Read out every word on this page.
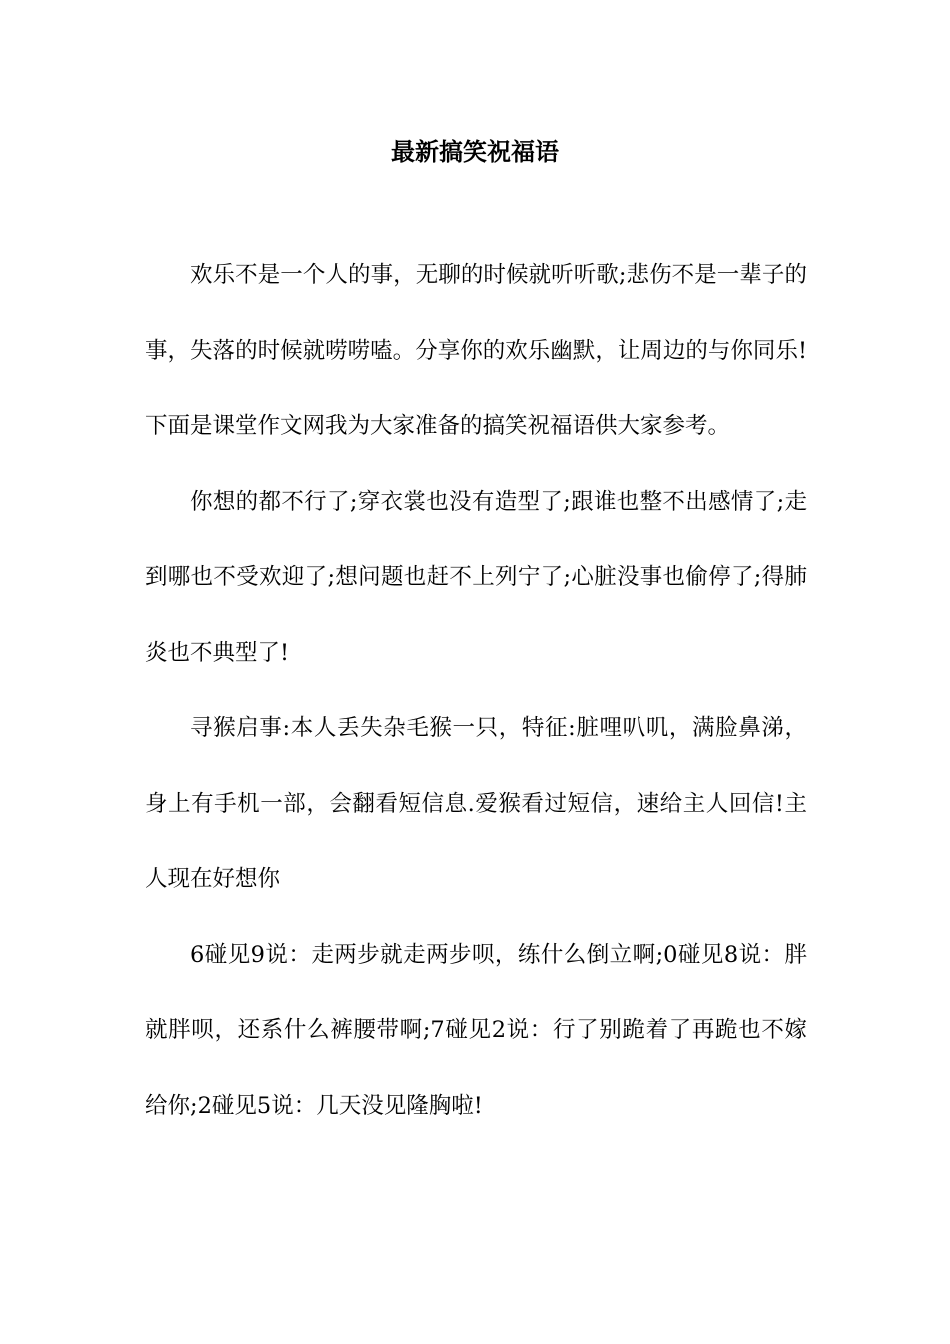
最新搞笑祝福语

欢乐不是一个人的事，无聊的时候就听听歌;悲伤不是一辈子的事，失落的时候就唠唠嗑。分享你的欢乐幽默，让周边的与你同乐!下面是课堂作文网我为大家准备的搞笑祝福语供大家参考。

你想的都不行了;穿衣裳也没有造型了;跟谁也整不出感情了;走到哪也不受欢迎了;想问题也赶不上列宁了;心脏没事也偷停了;得肺炎也不典型了!

寻猴启事:本人丢失杂毛猴一只，特征:脏哩叭叽，满脸鼻涕，身上有手机一部，会翻看短信息.爱猴看过短信，速给主人回信!主人现在好想你

6碰见9说：走两步就走两步呗，练什么倒立啊;0碰见8说：胖就胖呗，还系什么裤腰带啊;7碰见2说：行了别跪着了再跪也不嫁给你;2碰见5说：几天没见隆胸啦!
